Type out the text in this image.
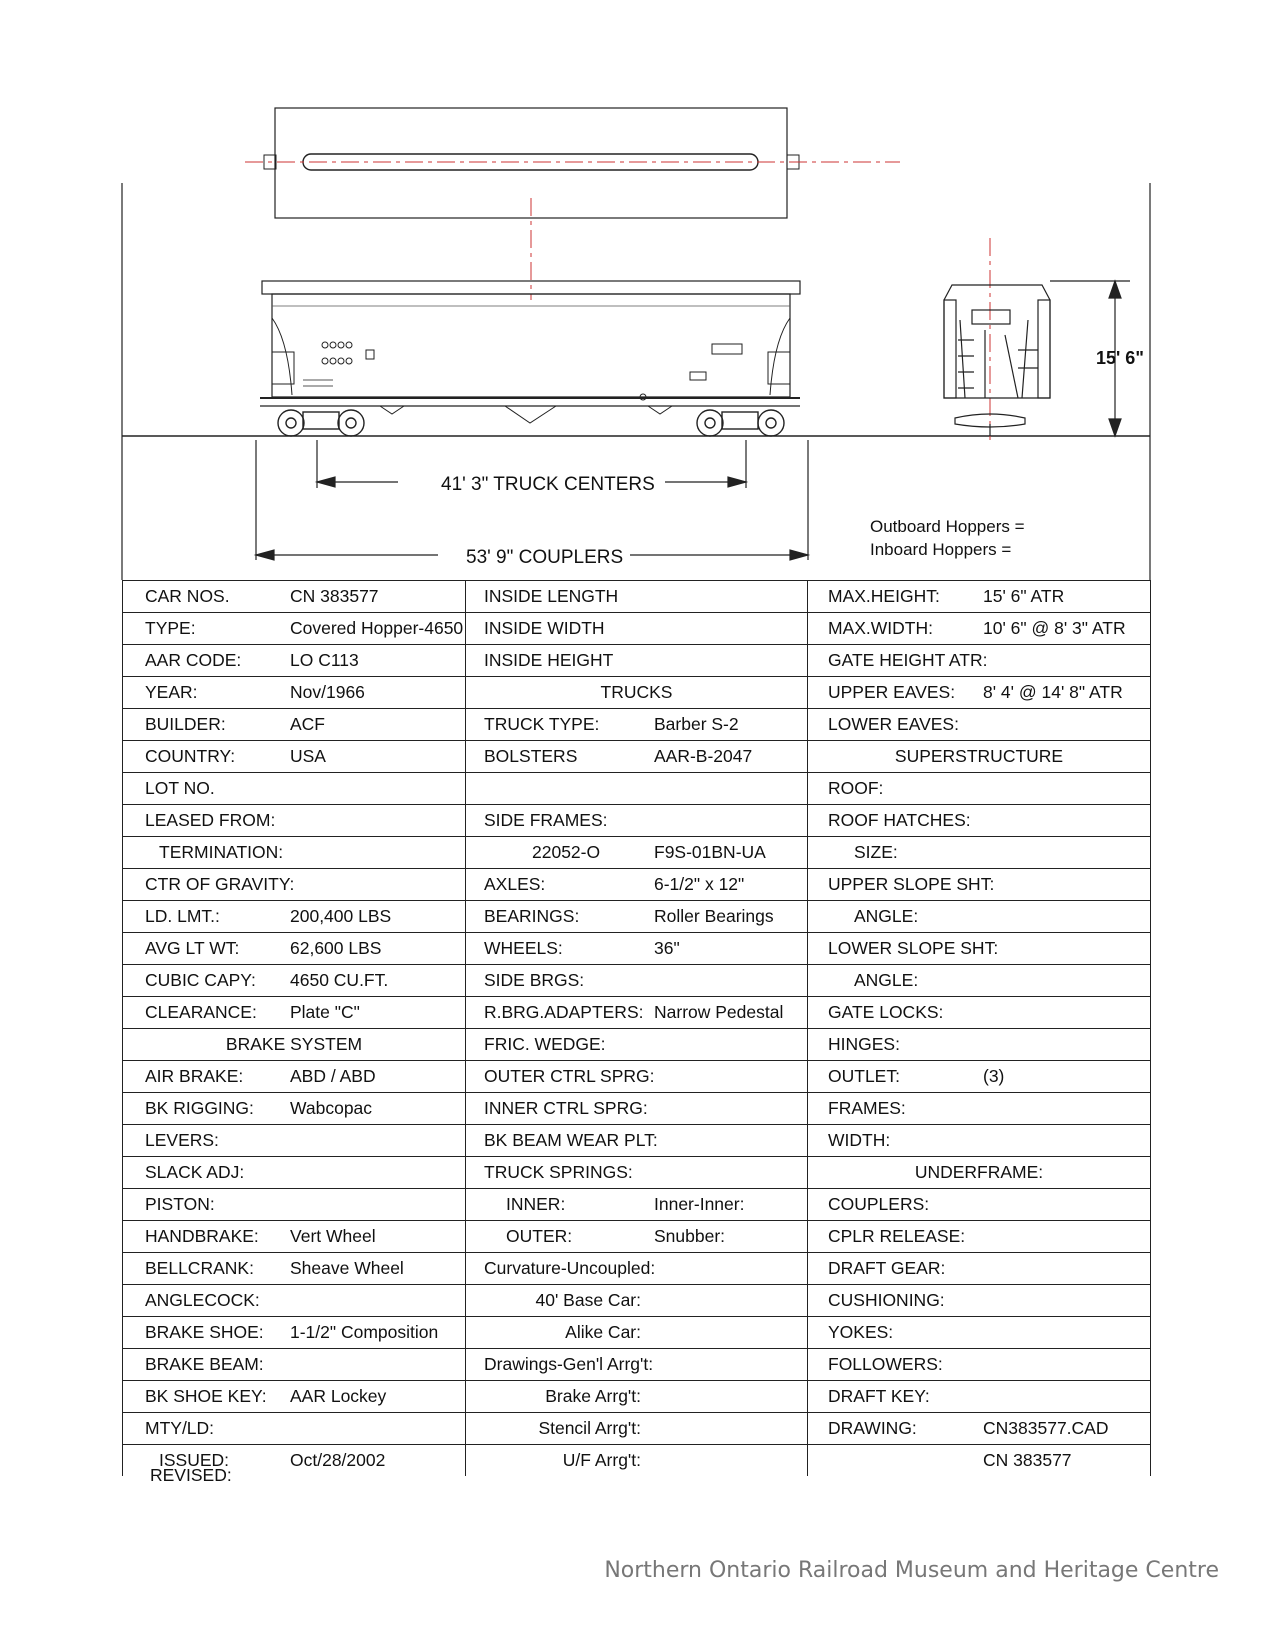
15' 6"
41' 3" TRUCK CENTERS
53' 9" COUPLERS
Outboard Hoppers =
Inboard Hoppers =
CAR NOS. CN 383577	INSIDE LENGTH	MAX.HEIGHT: 15' 6" ATR

TYPE: Covered Hopper-4650	INSIDE WIDTH	MAX.WIDTH: 10' 6" @ 8' 3" ATR

AAR CODE: LO C113	INSIDE HEIGHT	GATE HEIGHT ATR:

YEAR: Nov/1966	TRUCKS	UPPER EAVES: 8' 4' @ 14' 8" ATR

BUILDER: ACF	TRUCK TYPE: Barber S-2	LOWER EAVES:

COUNTRY: USA	BOLSTERS AAR-B-2047	SUPERSTRUCTURE

LOT NO.		ROOF:

LEASED FROM:	SIDE FRAMES:	ROOF HATCHES:

TERMINATION:	22052-O F9S-01BN-UA	SIZE:

CTR OF GRAVITY:	AXLES: 6-1/2" x 12"	UPPER SLOPE SHT:

LD. LMT.: 200,400 LBS	BEARINGS: Roller Bearings	ANGLE:

AVG LT WT: 62,600 LBS	WHEELS: 36"	LOWER SLOPE SHT:

CUBIC CAPY: 4650 CU.FT.	SIDE BRGS:	ANGLE:

CLEARANCE: Plate "C"	R.BRG.ADAPTERS: Narrow Pedestal	GATE LOCKS:

BRAKE SYSTEM	FRIC. WEDGE:	HINGES:

AIR BRAKE: ABD / ABD	OUTER CTRL SPRG:	OUTLET: (3)

BK RIGGING: Wabcopac	INNER CTRL SPRG:	FRAMES:

LEVERS:	BK BEAM WEAR PLT:	WIDTH:

SLACK ADJ:	TRUCK SPRINGS:	UNDERFRAME:

PISTON:	INNER: Inner-Inner:	COUPLERS:

HANDBRAKE: Vert Wheel	OUTER: Snubber:	CPLR RELEASE:

BELLCRANK: Sheave Wheel	Curvature-Uncoupled:	DRAFT GEAR:

ANGLECOCK:	40' Base Car:	CUSHIONING:

BRAKE SHOE: 1-1/2" Composition	Alike Car:	YOKES:

BRAKE BEAM:	Drawings-Gen'l Arrg't:	FOLLOWERS:

BK SHOE KEY: AAR Lockey	Brake Arrg't:	DRAFT KEY:

MTY/LD:	Stencil Arrg't:	DRAWING: CN383577.CAD

ISSUED: Oct/28/2002	U/F Arrg't:	CN 383577
REVISED:
Northern Ontario Railroad Museum and Heritage Centre
